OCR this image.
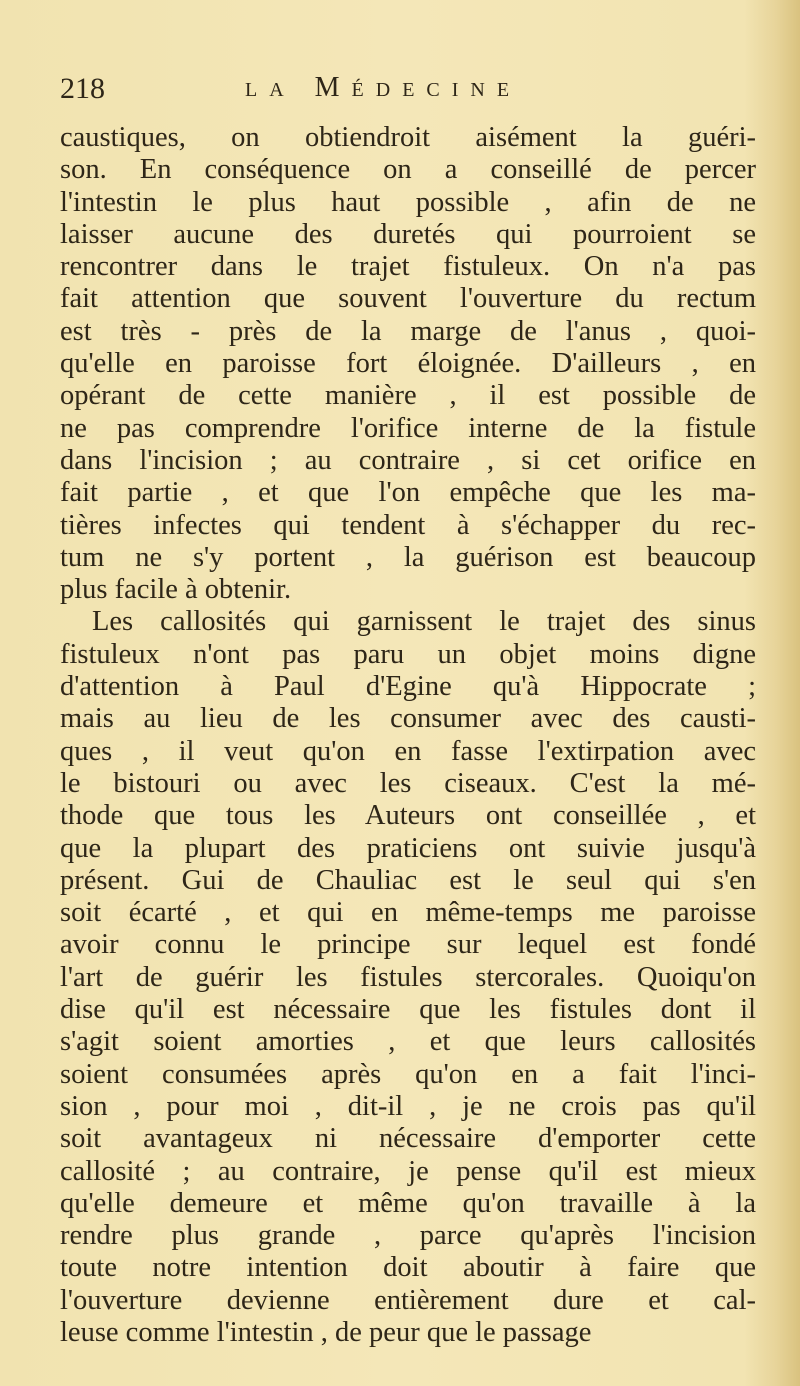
218	la Médecine
caustiques, on obtiendroit aisément la guéri-
son. En conséquence on a conseillé de percer
l'intestin le plus haut possible , afin de ne
laisser aucune des duretés qui pourroient se
rencontrer dans le trajet fistuleux. On n'a pas
fait attention que souvent l'ouverture du rectum
est très - près de la marge de l'anus , quoi-
qu'elle en paroisse fort éloignée. D'ailleurs , en
opérant de cette manière , il est possible de
ne pas comprendre l'orifice interne de la fistule
dans l'incision ; au contraire , si cet orifice en
fait partie , et que l'on empêche que les ma-
tières infectes qui tendent à s'échapper du rec-
tum ne s'y portent , la guérison est beaucoup
plus facile à obtenir.
Les callosités qui garnissent le trajet des sinus
fistuleux n'ont pas paru un objet moins digne
d'attention à Paul d'Egine qu'à Hippocrate ;
mais au lieu de les consumer avec des causti-
ques , il veut qu'on en fasse l'extirpation avec
le bistouri ou avec les ciseaux. C'est la mé-
thode que tous les Auteurs ont conseillée , et
que la plupart des praticiens ont suivie jusqu'à
présent. Gui de Chauliac est le seul qui s'en
soit écarté , et qui en même-temps me paroisse
avoir connu le principe sur lequel est fondé
l'art de guérir les fistules stercorales. Quoiqu'on
dise qu'il est nécessaire que les fistules dont il
s'agit soient amorties , et que leurs callosités
soient consumées après qu'on en a fait l'inci-
sion , pour moi , dit-il , je ne crois pas qu'il
soit avantageux ni nécessaire d'emporter cette
callosité ; au contraire, je pense qu'il est mieux
qu'elle demeure et même qu'on travaille à la
rendre plus grande , parce qu'après l'incision
toute notre intention doit aboutir à faire que
l'ouverture devienne entièrement dure et cal-
leuse comme l'intestin , de peur que le passage
